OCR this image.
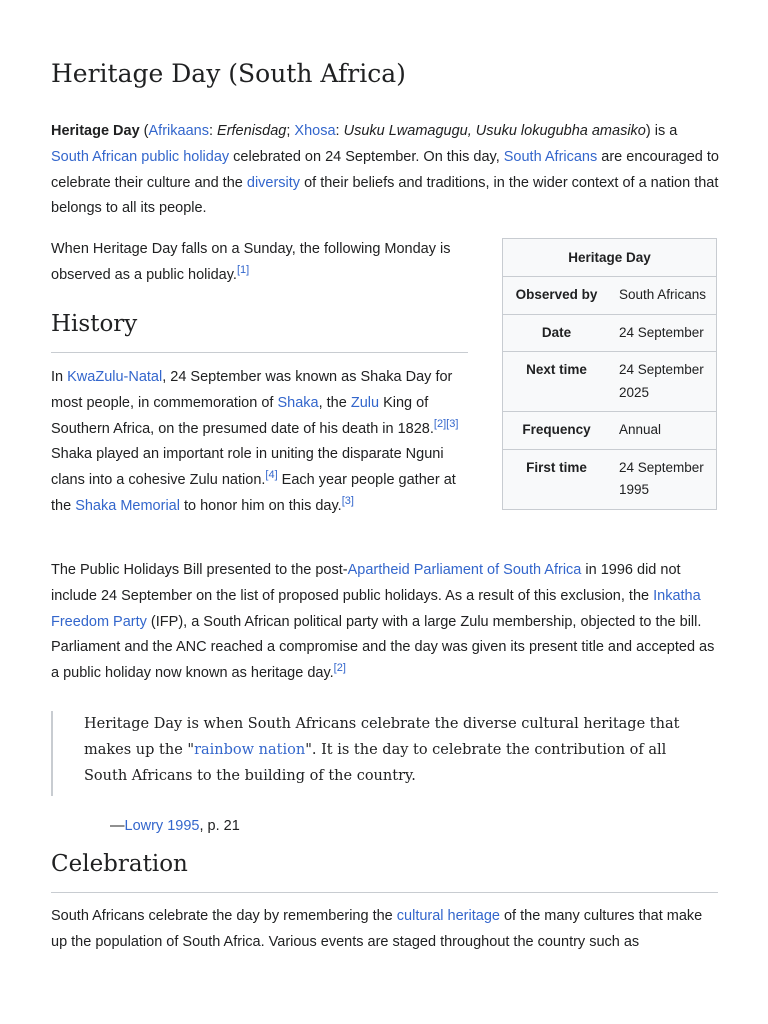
Heritage Day (South Africa)

Heritage Day (Afrikaans: Erfenisdag; Xhosa: Usuku Lwamagugu, Usuku lokugubha amasiko) is a South African public holiday celebrated on 24 September. On this day, South Africans are encouraged to celebrate their culture and the diversity of their beliefs and traditions, in the wider context of a nation that belongs to all its people.

When Heritage Day falls on a Sunday, the following Monday is observed as a public holiday.[1]

Heritage Day
Observed by	South Africans
Date	24 September
Next time	24 September 2025
Frequency	Annual
First time	24 September 1995
History

In KwaZulu-Natal, 24 September was known as Shaka Day for most people, in commemoration of Shaka, the Zulu King of Southern Africa, on the presumed date of his death in 1828.[2][3] Shaka played an important role in uniting the disparate Nguni clans into a cohesive Zulu nation.[4] Each year people gather at the Shaka Memorial to honor him on this day.[3]

The Public Holidays Bill presented to the post-Apartheid Parliament of South Africa in 1996 did not include 24 September on the list of proposed public holidays. As a result of this exclusion, the Inkatha Freedom Party (IFP), a South African political party with a large Zulu membership, objected to the bill. Parliament and the ANC reached a compromise and the day was given its present title and accepted as a public holiday now known as heritage day.[2]

Heritage Day is when South Africans celebrate the diverse cultural heritage that makes up the "rainbow nation". It is the day to celebrate the contribution of all South Africans to the building of the country.

—Lowry 1995, p. 21
Celebration

South Africans celebrate the day by remembering the cultural heritage of the many cultures that make up the population of South Africa. Various events are staged throughout the country such as
